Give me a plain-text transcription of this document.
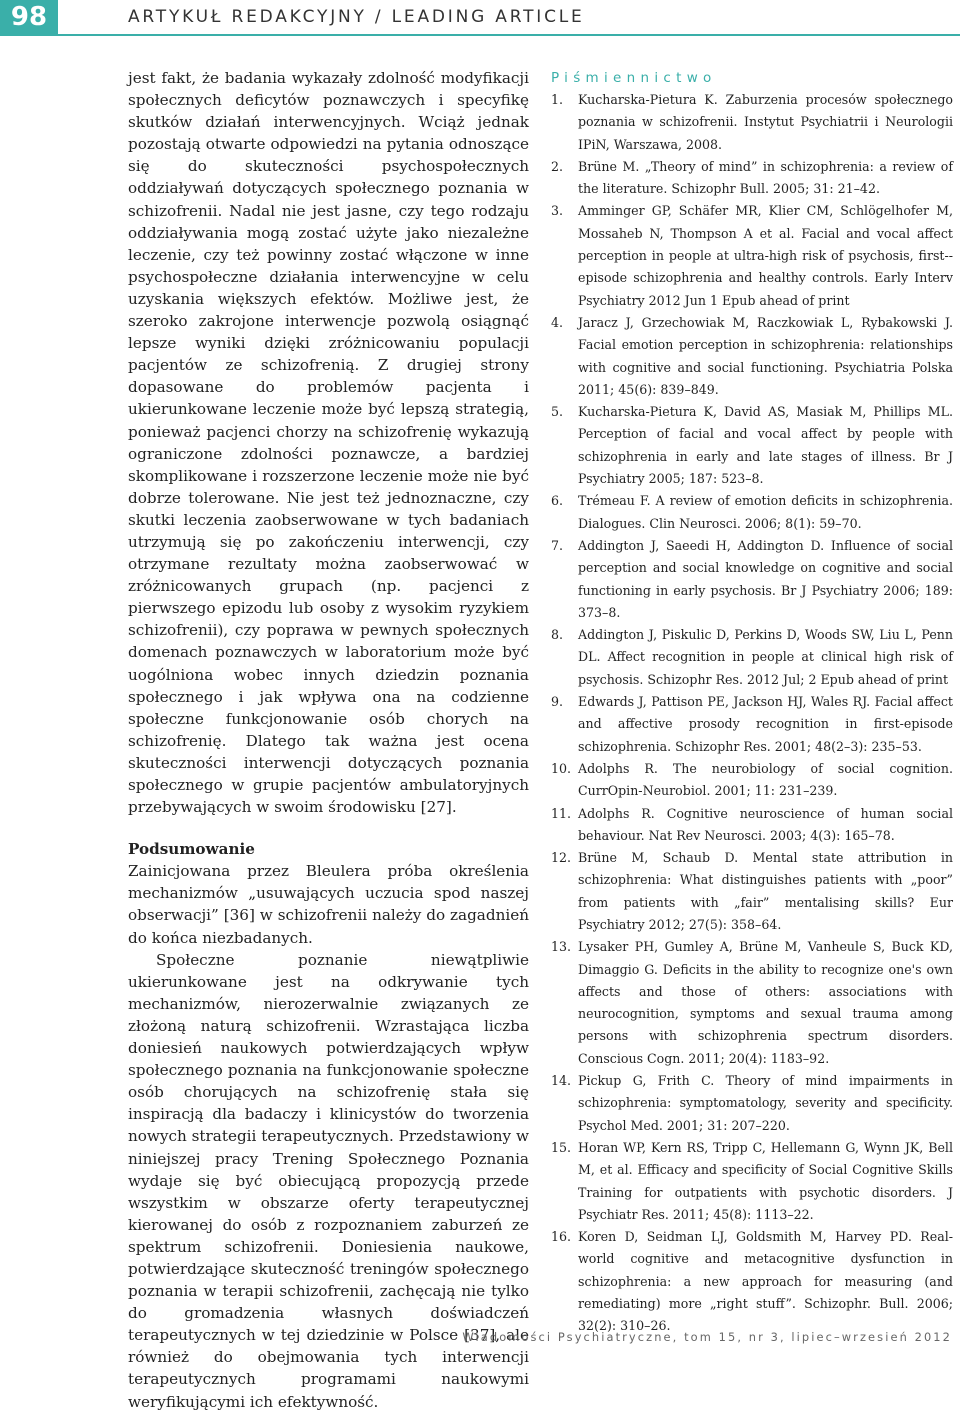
98	ARTYKUŁ REDAKCYJNY / LEADING ARTICLE

jest fakt, że badania wykazały zdolność modyfikacji społecznych deficytów poznawczych i specyfikę skutków działań interwencyjnych. Wciąż jednak pozostają otwarte odpowiedzi na pytania odnoszące się do skuteczności psychospołecznych oddziaływań dotyczących społecznego poznania w schizofrenii. Nadal nie jest jasne, czy tego rodzaju oddziaływania mogą zostać użyte jako niezależne leczenie, czy też powinny zostać włączone w inne psychospołeczne działania interwencyjne w celu uzyskania większych efektów. Możliwe jest, że szeroko zakrojone interwencje pozwolą osiągnąć lepsze wyniki dzięki zróżnicowaniu populacji pacjentów ze schizofrenią. Z drugiej strony dopasowane do problemów pacjenta i ukierunkowane leczenie może być lepszą strategią, ponieważ pacjenci chorzy na schizofrenię wykazują ograniczone zdolności poznawcze, a bardziej skomplikowane i rozszerzone leczenie może nie być dobrze tolerowane. Nie jest też jednoznaczne, czy skutki leczenia zaobserwowane w tych badaniach utrzymują się po zakończeniu interwencji, czy otrzymane rezultaty można zaobserwować w zróżnicowanych grupach (np. pacjenci z pierwszego epizodu lub osoby z wysokim ryzykiem schizofrenii), czy poprawa w pewnych społecznych domenach poznawczych w laboratorium może być uogólniona wobec innych dziedzin poznania społecznego i jak wpływa ona na codzienne społeczne funkcjonowanie osób chorych na schizofrenię. Dlatego tak ważna jest ocena skuteczności interwencji dotyczących poznania społecznego w grupie pacjentów ambulatoryjnych przebywających w swoim środowisku [27].

Podsumowanie

Zainicjowana przez Bleulera próba określenia mechanizmów „usuwających uczucia spod naszej obserwacji” [36] w schizofrenii należy do zagadnień do końca niezbadanych.

Społeczne poznanie niewątpliwie ukierunkowane jest na odkrywanie tych mechanizmów, nierozerwalnie związanych ze złożoną naturą schizofrenii. Wzrastająca liczba doniesień naukowych potwierdzających wpływ społecznego poznania na funkcjonowanie społeczne osób chorujących na schizofrenię stała się inspiracją dla badaczy i klinicystów do tworzenia nowych strategii terapeutycznych. Przedstawiony w niniejszej pracy Trening Społecznego Poznania wydaje się być obiecującą propozycją przede wszystkim w obszarze oferty terapeutycznej kierowanej do osób z rozpoznaniem zaburzeń ze spektrum schizofrenii. Doniesienia naukowe, potwierdzające skuteczność treningów społecznego poznania w terapii schizofrenii, zachęcają nie tylko do gromadzenia własnych doświadczeń terapeutycznych w tej dziedzinie w Polsce [37], ale również do obejmowania tych interwencji terapeutycznych programami naukowymi weryfikującymi ich efektywność.

Piśmiennictwo
1. Kucharska-Pietura K. Zaburzenia procesów społecznego poznania w schizofrenii. Instytut Psychiatrii i Neurologii IPiN, Warszawa, 2008.
2. Brüne M. „Theory of mind” in schizophrenia: a review of the literature. Schizophr Bull. 2005; 31: 21–42.
3. Amminger GP, Schäfer MR, Klier CM, Schlögelhofer M, Mossaheb N, Thompson A et al. Facial and vocal affect perception in people at ultra-high risk of psychosis, first--episode schizophrenia and healthy controls. Early Interv Psychiatry 2012 Jun 1 Epub ahead of print
4. Jaracz J, Grzechowiak M, Raczkowiak L, Rybakowski J. Facial emotion perception in schizophrenia: relationships with cognitive and social functioning. Psychiatria Polska 2011; 45(6): 839–849.
5. Kucharska-Pietura K, David AS, Masiak M, Phillips ML. Perception of facial and vocal affect by people with schizophrenia in early and late stages of illness. Br J Psychiatry 2005; 187: 523–8.
6. Trémeau F. A review of emotion deficits in schizophrenia. Dialogues. Clin Neurosci. 2006; 8(1): 59–70.
7. Addington J, Saeedi H, Addington D. Influence of social perception and social knowledge on cognitive and social functioning in early psychosis. Br J Psychiatry 2006; 189: 373–8.
8. Addington J, Piskulic D, Perkins D, Woods SW, Liu L, Penn DL. Affect recognition in people at clinical high risk of psychosis. Schizophr Res. 2012 Jul; 2 Epub ahead of print
9. Edwards J, Pattison PE, Jackson HJ, Wales RJ. Facial affect and affective prosody recognition in first-episode schizophrenia. Schizophr Res. 2001; 48(2–3): 235–53.
10. Adolphs R. The neurobiology of social cognition. CurrOpin-Neurobiol. 2001; 11: 231–239.
11. Adolphs R. Cognitive neuroscience of human social behaviour. Nat Rev Neurosci. 2003; 4(3): 165–78.
12. Brüne M, Schaub D. Mental state attribution in schizophrenia: What distinguishes patients with „poor” from patients with „fair” mentalising skills? Eur Psychiatry 2012; 27(5): 358–64.
13. Lysaker PH, Gumley A, Brüne M, Vanheule S, Buck KD, Dimaggio G. Deficits in the ability to recognize one's own affects and those of others: associations with neurocognition, symptoms and sexual trauma among persons with schizophrenia spectrum disorders. Conscious Cogn. 2011; 20(4): 1183–92.
14. Pickup G, Frith C. Theory of mind impairments in schizophrenia: symptomatology, severity and specificity. Psychol Med. 2001; 31: 207–220.
15. Horan WP, Kern RS, Tripp C, Hellemann G, Wynn JK, Bell M, et al. Efficacy and specificity of Social Cognitive Skills Training for outpatients with psychotic disorders. J Psychiatr Res. 2011; 45(8): 1113–22.
16. Koren D, Seidman LJ, Goldsmith M, Harvey PD. Real-world cognitive and metacognitive dysfunction in schizophrenia: a new approach for measuring (and remediating) more „right stuff”. Schizophr. Bull. 2006; 32(2): 310–26.
Wiadomości Psychiatryczne, tom 15, nr 3, lipiec–wrzesień 2012
